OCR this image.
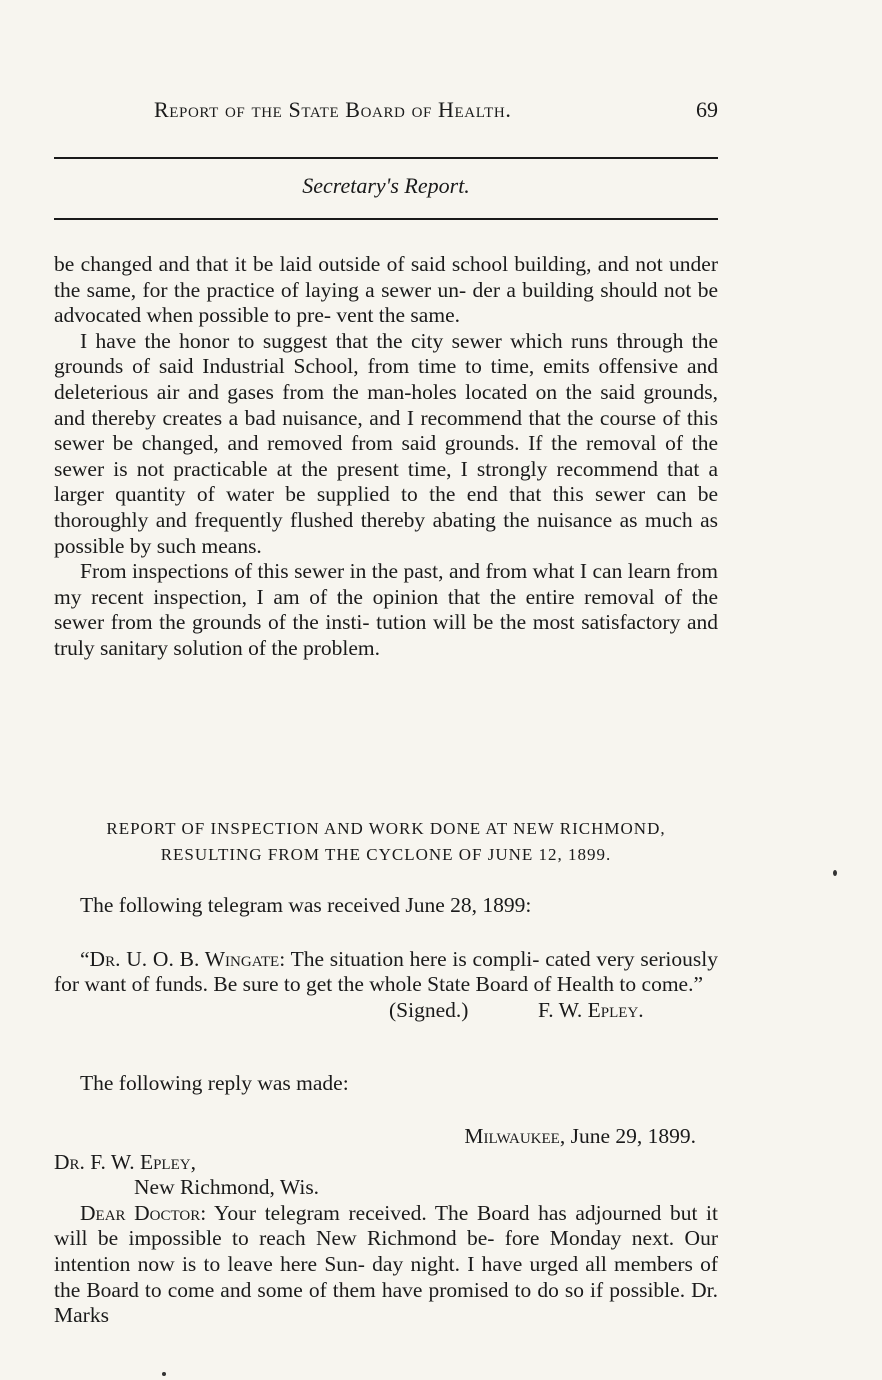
Report of the State Board of Health.	69
Secretary's Report.

be changed and that it be laid outside of said school building, and not under the same, for the practice of laying a sewer un- der a building should not be advocated when possible to pre- vent the same.

I have the honor to suggest that the city sewer which runs through the grounds of said Industrial School, from time to time, emits offensive and deleterious air and gases from the man-holes located on the said grounds, and thereby creates a bad nuisance, and I recommend that the course of this sewer be changed, and removed from said grounds. If the removal of the sewer is not practicable at the present time, I strongly recommend that a larger quantity of water be supplied to the end that this sewer can be thoroughly and frequently flushed thereby abating the nuisance as much as possible by such means.

From inspections of this sewer in the past, and from what I can learn from my recent inspection, I am of the opinion that the entire removal of the sewer from the grounds of the insti- tution will be the most satisfactory and truly sanitary solution of the problem.

REPORT OF INSPECTION AND WORK DONE AT NEW RICHMOND,
RESULTING FROM THE CYCLONE OF JUNE 12, 1899.

The following telegram was received June 28, 1899:

“Dr. U. O. B. Wingate: The situation here is compli- cated very seriously for want of funds. Be sure to get the whole State Board of Health to come.”

(Signed.)	F. W. Epley.
The following reply was made:
Milwaukee, June 29, 1899.
Dr. F. W. Epley,
New Richmond, Wis.

Dear Doctor: Your telegram received. The Board has adjourned but it will be impossible to reach New Richmond be- fore Monday next. Our intention now is to leave here Sun- day night. I have urged all members of the Board to come and some of them have promised to do so if possible. Dr. Marks
